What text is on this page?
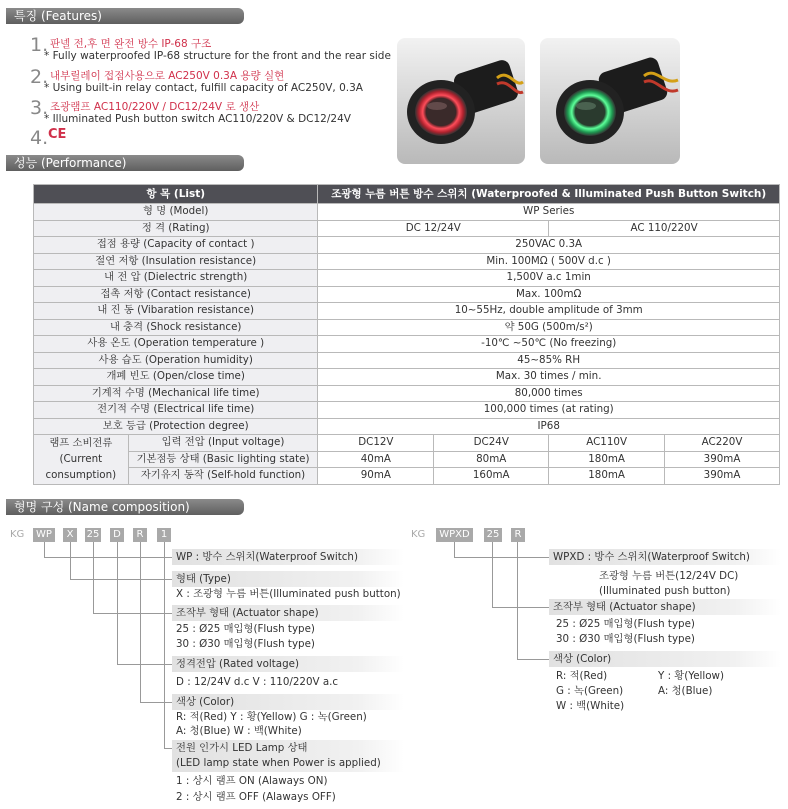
특징 (Features)
1. 판넬 전,후 면 완전 방수 IP-68 구조
* Fully waterproofed IP-68 structure for the front and the rear side
2. 내부릴레이 접점사용으로 AC250V 0.3A 용량 실현
* Using built-in relay contact, fulfill capacity of AC250V, 0.3A
3. 조광램프 AC110/220V / DC12/24V 로 생산
* Illuminated Push button switch AC110/220V & DC12/24V
4. CE
성능 (Performance)
항 목 (List)		조광형 누름 버튼 방수 스위치 (Waterproofed & Illuminated Push Button Switch)			
형 명 (Model)		WP Series			
정 격 (Rating)		DC 12/24V		AC 110/220V	
접점 용량 (Capacity of contact )		250VAC 0.3A			
절연 저항 (Insulation resistance)		Min. 100MΩ ( 500V d.c )			
내 전 압 (Dielectric strength)		1,500V a.c 1min			
접촉 저항 (Contact resistance)		Max. 100mΩ			
내 진 동 (Vibaration resistance)		10~55Hz, double amplitude of 3mm			
내 충격 (Shock resistance)		약 50G (500m/s²)			
사용 온도 (Operation temperature )		-10℃ ~50℃ (No freezing)			
사용 습도 (Operation humidity)		45~85% RH			
개폐 빈도 (Open/close time)		Max. 30 times / min.			
기계적 수명 (Mechanical life time)		80,000 times			
전기적 수명 (Electrical life time)		100,000 times (at rating)			
보호 등급 (Protection degree)		IP68			

램프 소비전류
(Current
consumption)	입력 전압 (Input voltage)	DC12V	DC24V	AC110V	AC220V
	기본점등 상태 (Basic lighting state)	40mA	80mA	180mA	390mA
	자기유지 동작 (Self-hold function)	90mA	160mA	180mA	390mA
형명 구성 (Name composition)
KG	WP	X	25	D	R	1
WP : 방수 스위치(Waterproof Switch)
형태 (Type)
X : 조광형 누름 버튼(Illuminated push button)
조작부 형태 (Actuator shape)
25 : Ø25 매입형(Flush type)
30 : Ø30 매입형(Flush type)
정격전압 (Rated voltage)
D : 12/24V d.c V : 110/220V a.c
색상 (Color)
R: 적(Red) Y : 황(Yellow) G : 녹(Green)
A: 청(Blue) W : 백(White)
전원 인가시 LED Lamp 상태
(LED lamp state when Power is applied)
1 : 상시 램프 ON (Alaways ON)
2 : 상시 램프 OFF (Alaways OFF)
KG	WPXD	25	R
WPXD : 방수 스위치(Waterproof Switch)
조광형 누름 버튼(12/24V DC)
(Illuminated push button)
조작부 형태 (Actuator shape)
25 : Ø25 매입형(Flush type)
30 : Ø30 매입형(Flush type)
색상 (Color)
R: 적(Red)	Y : 황(Yellow)
G : 녹(Green)	A: 청(Blue)
W : 백(White)
